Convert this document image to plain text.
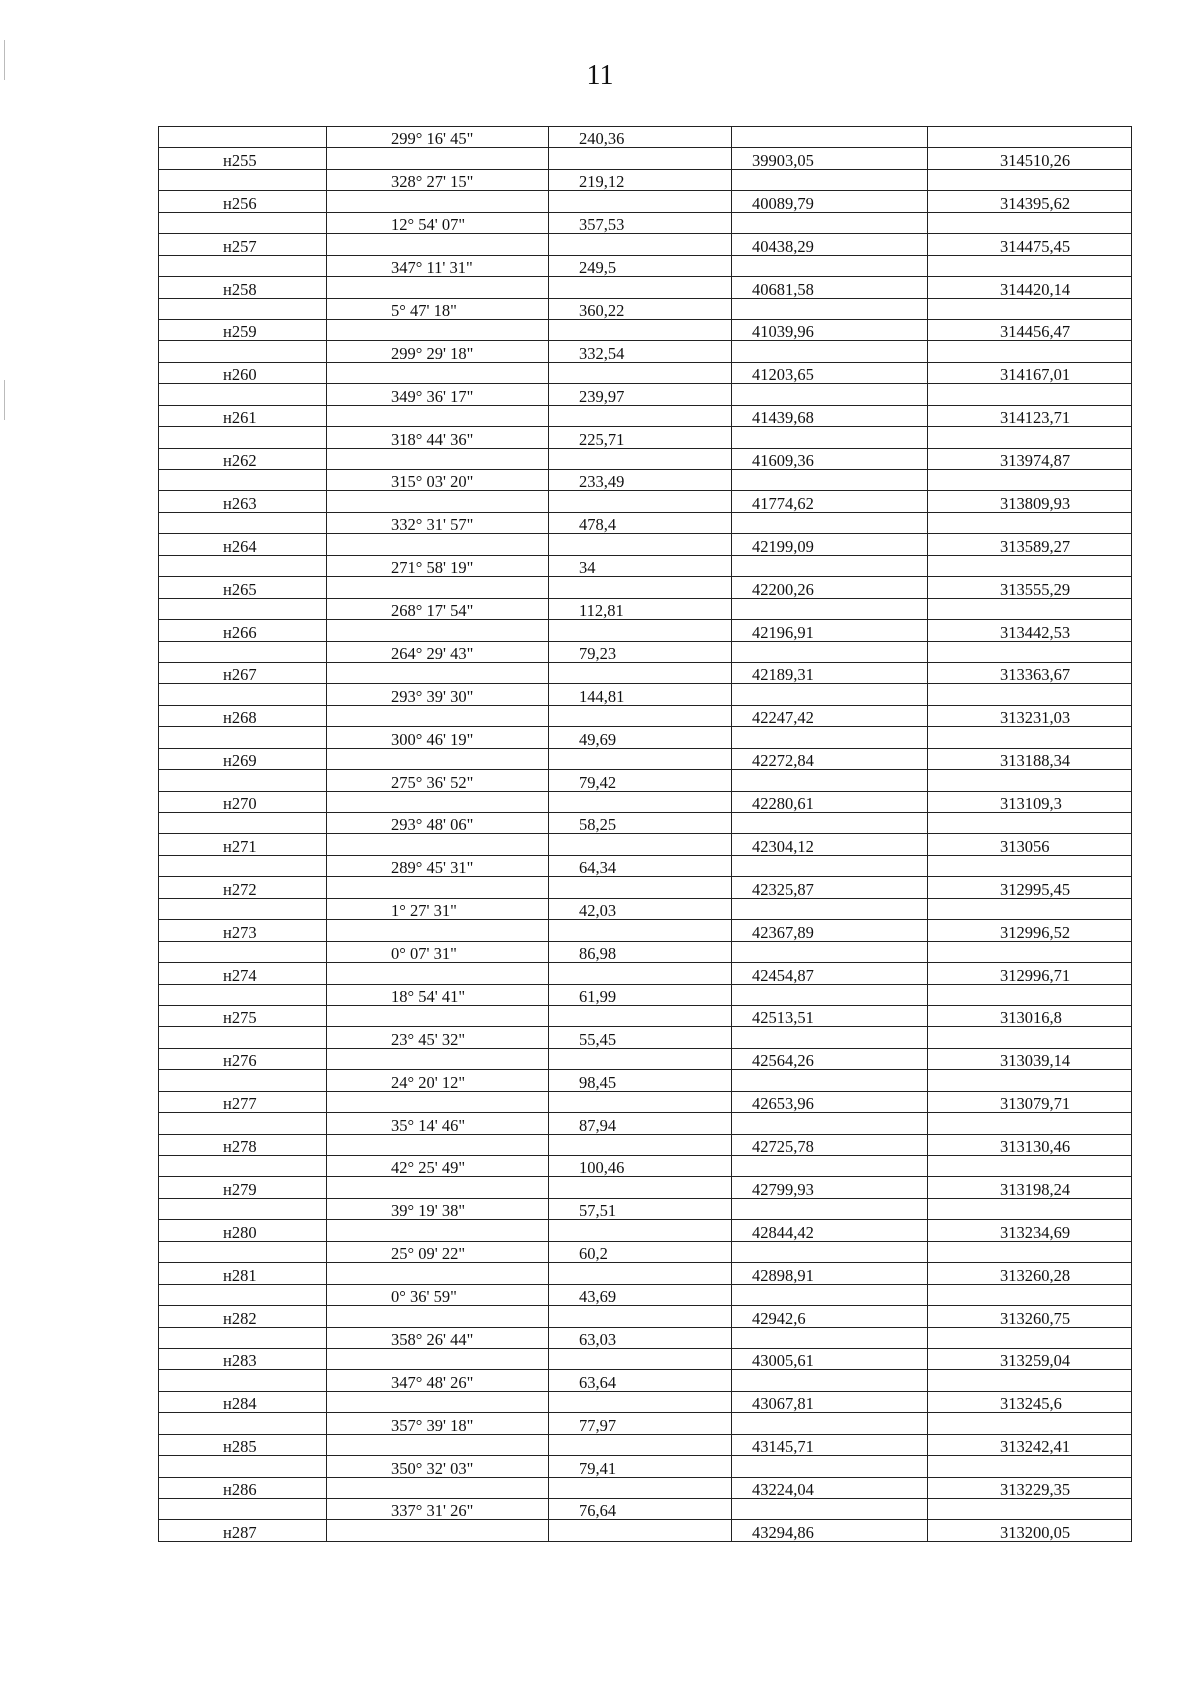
11
	299° 16' 45"	240,36		
н255			39903,05	314510,26
	328° 27' 15"	219,12		
н256			40089,79	314395,62
	12° 54' 07"	357,53		
н257			40438,29	314475,45
	347° 11' 31"	249,5		
н258			40681,58	314420,14
	5° 47' 18"	360,22		
н259			41039,96	314456,47
	299° 29' 18"	332,54		
н260			41203,65	314167,01
	349° 36' 17"	239,97		
н261			41439,68	314123,71
	318° 44' 36"	225,71		
н262			41609,36	313974,87
	315° 03' 20"	233,49		
н263			41774,62	313809,93
	332° 31' 57"	478,4		
н264			42199,09	313589,27
	271° 58' 19"	34		
н265			42200,26	313555,29
	268° 17' 54"	112,81		
н266			42196,91	313442,53
	264° 29' 43"	79,23		
н267			42189,31	313363,67
	293° 39' 30"	144,81		
н268			42247,42	313231,03
	300° 46' 19"	49,69		
н269			42272,84	313188,34
	275° 36' 52"	79,42		
н270			42280,61	313109,3
	293° 48' 06"	58,25		
н271			42304,12	313056
	289° 45' 31"	64,34		
н272			42325,87	312995,45
	1° 27' 31"	42,03		
н273			42367,89	312996,52
	0° 07' 31"	86,98		
н274			42454,87	312996,71
	18° 54' 41"	61,99		
н275			42513,51	313016,8
	23° 45' 32"	55,45		
н276			42564,26	313039,14
	24° 20' 12"	98,45		
н277			42653,96	313079,71
	35° 14' 46"	87,94		
н278			42725,78	313130,46
	42° 25' 49"	100,46		
н279			42799,93	313198,24
	39° 19' 38"	57,51		
н280			42844,42	313234,69
	25° 09' 22"	60,2		
н281			42898,91	313260,28
	0° 36' 59"	43,69		
н282			42942,6	313260,75
	358° 26' 44"	63,03		
н283			43005,61	313259,04
	347° 48' 26"	63,64		
н284			43067,81	313245,6
	357° 39' 18"	77,97		
н285			43145,71	313242,41
	350° 32' 03"	79,41		
н286			43224,04	313229,35
	337° 31' 26"	76,64		
н287			43294,86	313200,05
